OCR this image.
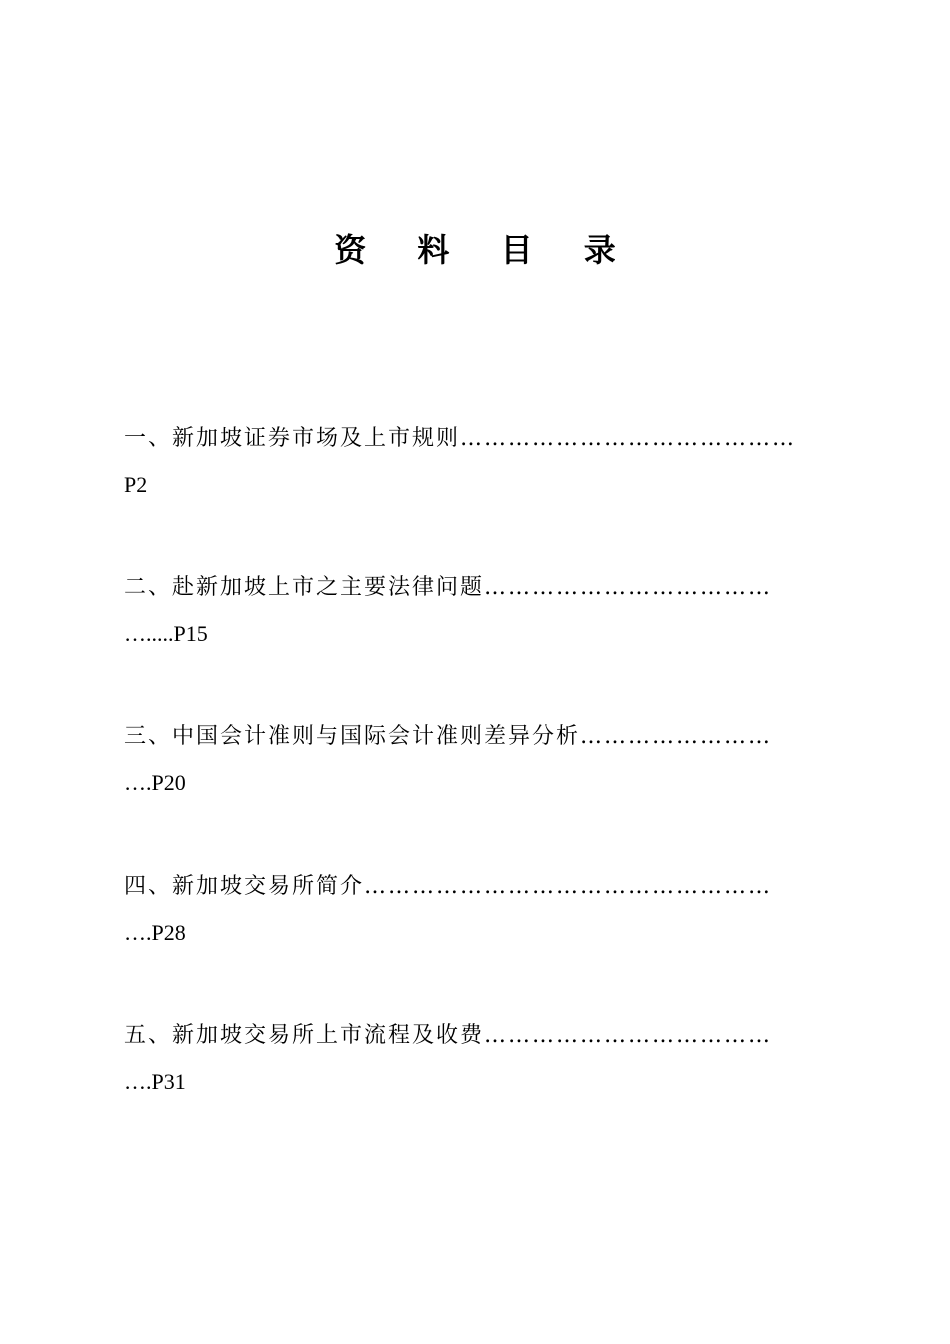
资 料 目 录
一、新加坡证券市场及上市规则……………………………………
P2
二、赴新加坡上市之主要法律问题………………………………
….....P15
三、中国会计准则与国际会计准则差异分析……………………
….P20
四、新加坡交易所简介……………………………………………
….P28
五、新加坡交易所上市流程及收费………………………………
….P31
